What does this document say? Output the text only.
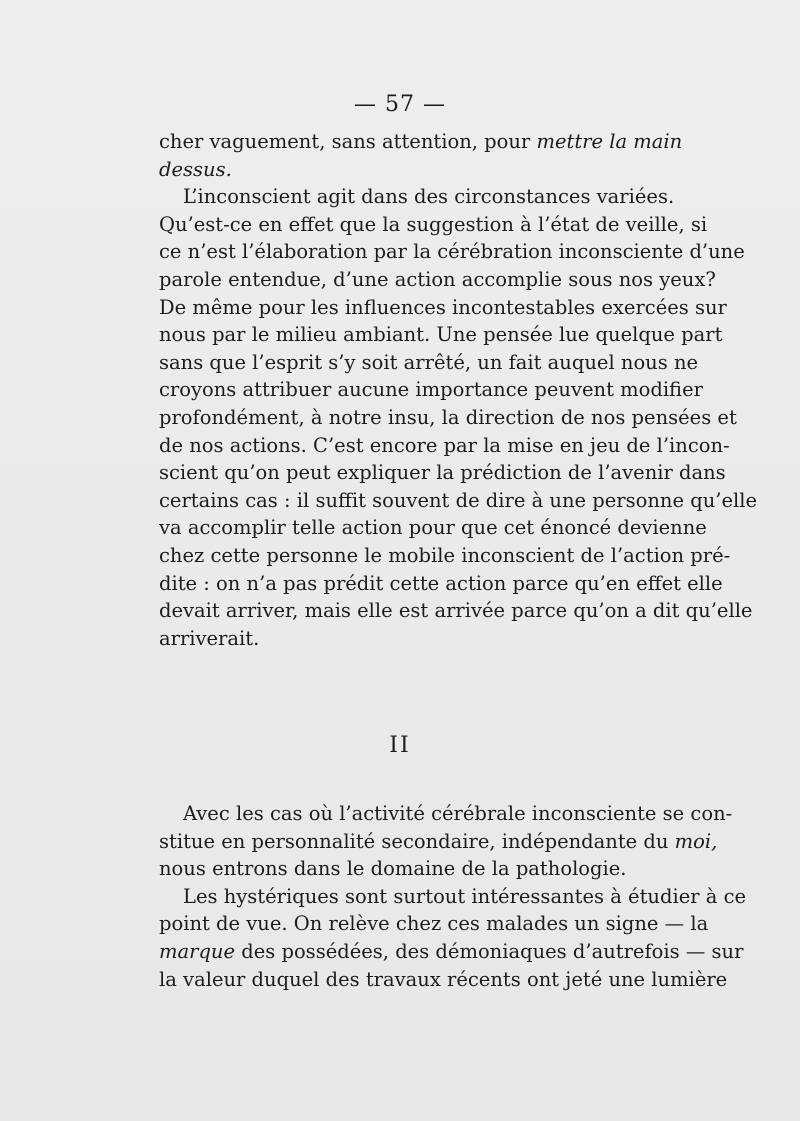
— 57 —
cher vaguement, sans attention, pour mettre la main
dessus.
L’inconscient agit dans des circonstances variées.
Qu’est-ce en effet que la suggestion à l’état de veille, si
ce n’est l’élaboration par la cérébration inconsciente d’une
parole entendue, d’une action accomplie sous nos yeux?
De même pour les influences incontestables exercées sur
nous par le milieu ambiant. Une pensée lue quelque part
sans que l’esprit s’y soit arrêté, un fait auquel nous ne
croyons attribuer aucune importance peuvent modifier
profondément, à notre insu, la direction de nos pensées et
de nos actions. C’est encore par la mise en jeu de l’incon-
scient qu’on peut expliquer la prédiction de l’avenir dans
certains cas : il suffit souvent de dire à une personne qu’elle
va accomplir telle action pour que cet énoncé devienne
chez cette personne le mobile inconscient de l’action pré-
dite : on n’a pas prédit cette action parce qu’en effet elle
devait arriver, mais elle est arrivée parce qu’on a dit qu’elle
arriverait.
II
Avec les cas où l’activité cérébrale inconsciente se con-
stitue en personnalité secondaire, indépendante du moi,
nous entrons dans le domaine de la pathologie.
Les hystériques sont surtout intéressantes à étudier à ce
point de vue. On relève chez ces malades un signe — la
marque des possédées, des démoniaques d’autrefois — sur
la valeur duquel des travaux récents ont jeté une lumière
